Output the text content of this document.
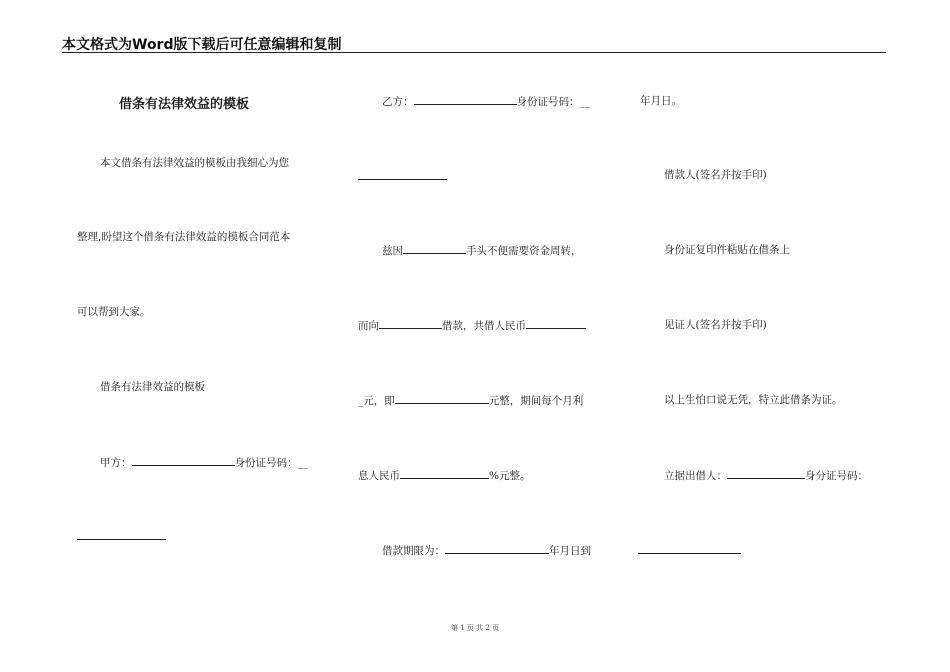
本文格式为Word版下载后可任意编辑和复制
借条有法律效益的模板
本文借条有法律效益的模板由我细心为您
整理,盼望这个借条有法律效益的模板合同范本
可以帮到大家。
借条有法律效益的模板
甲方：	身份证号码：__
乙方：	身份证号码：__
兹因	手头不便需要资金周转，
而向	借款，共借人民币
_元，即	元整，期间每个月利
息人民币	%元整。
借款期限为：	年月日到
年月日。
借款人(签名并按手印)
身份证复印件粘贴在借条上
见证人(签名并按手印)
以上生怕口说无凭，特立此借条为证。
立据出借人：	身分证号码：
第 1 页 共 2 页
